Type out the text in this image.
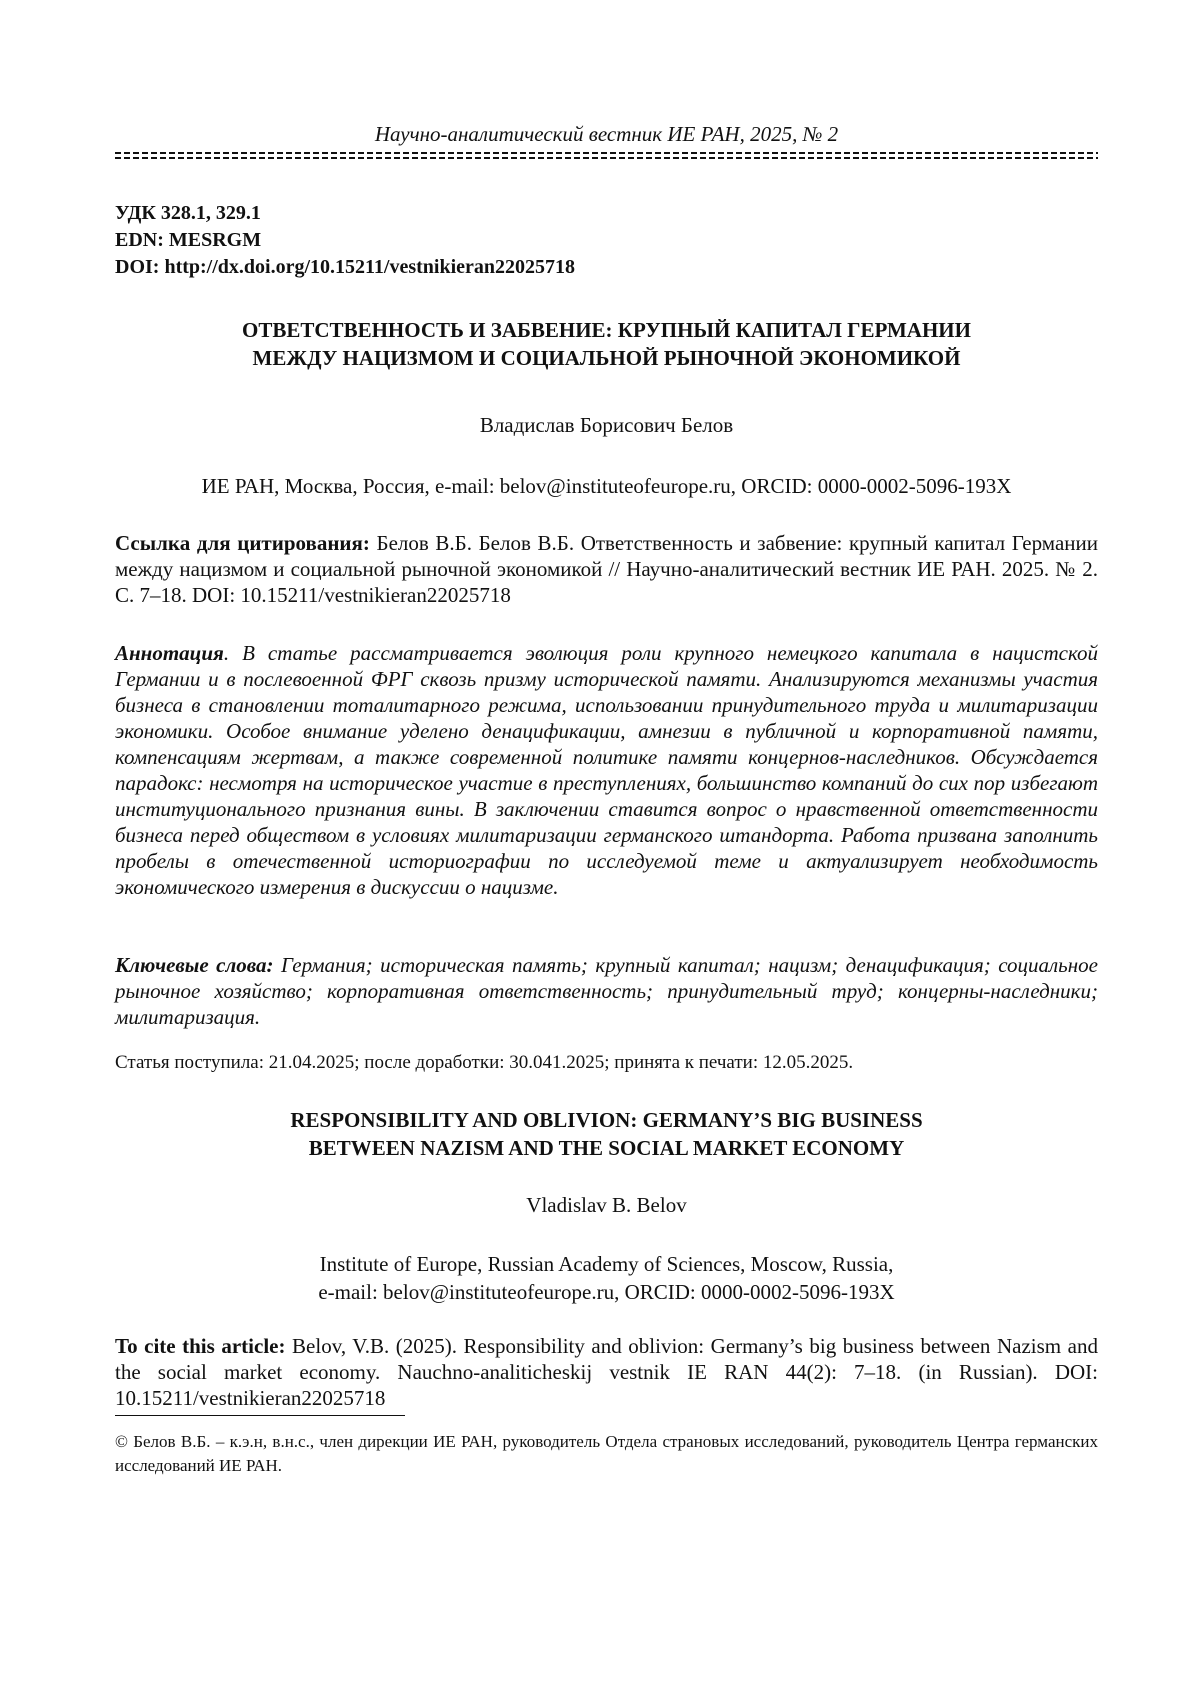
Научно-аналитический вестник ИЕ РАН, 2025, № 2
УДК 328.1, 329.1
EDN: MESRGM
DOI: http://dx.doi.org/10.15211/vestnikieran22025718
ОТВЕТСТВЕННОСТЬ И ЗАБВЕНИЕ: КРУПНЫЙ КАПИТАЛ ГЕРМАНИИ
МЕЖДУ НАЦИЗМОМ И СОЦИАЛЬНОЙ РЫНОЧНОЙ ЭКОНОМИКОЙ
Владислав Борисович Белов
ИЕ РАН, Москва, Россия, e-mail: belov@instituteofeurope.ru, ORCID: 0000-0002-5096-193X
Ссылка для цитирования: Белов В.Б. Белов В.Б. Ответственность и забвение: крупный капитал Германии между нацизмом и социальной рыночной экономикой // Научно-аналитический вестник ИЕ РАН. 2025. № 2. С. 7–18. DOI: 10.15211/vestnikieran22025718
Аннотация. В статье рассматривается эволюция роли крупного немецкого капитала в нацистской Германии и в послевоенной ФРГ сквозь призму исторической памяти. Анализируются механизмы участия бизнеса в становлении тоталитарного режима, использовании принудительного труда и милитаризации экономики. Особое внимание уделено денацификации, амнезии в публичной и корпоративной памяти, компенсациям жертвам, а также современной политике памяти концернов-наследников. Обсуждается парадокс: несмотря на историческое участие в преступлениях, большинство компаний до сих пор избегают институционального признания вины. В заключении ставится вопрос о нравственной ответственности бизнеса перед обществом в условиях милитаризации германского штандорта. Работа призвана заполнить пробелы в отечественной историографии по исследуемой теме и актуализирует необходимость экономического измерения в дискуссии о нацизме.
Ключевые слова: Германия; историческая память; крупный капитал; нацизм; денацификация; социальное рыночное хозяйство; корпоративная ответственность; принудительный труд; концерны-наследники; милитаризация.
Статья поступила: 21.04.2025; после доработки: 30.041.2025; принята к печати: 12.05.2025.
RESPONSIBILITY AND OBLIVION: GERMANY’S BIG BUSINESS
BETWEEN NAZISM AND THE SOCIAL MARKET ECONOMY
Vladislav B. Belov
Institute of Europe, Russian Academy of Sciences, Moscow, Russia,
e-mail: belov@instituteofeurope.ru, ORCID: 0000-0002-5096-193X
To cite this article: Belov, V.B. (2025). Responsibility and oblivion: Germany’s big business between Nazism and the social market economy. Nauchno-analiticheskij vestnik IE RAN 44(2): 7–18. (in Russian). DOI: 10.15211/vestnikieran22025718
© Белов В.Б. – к.э.н, в.н.с., член дирекции ИЕ РАН, руководитель Отдела страновых исследований, руководитель Центра германских исследований ИЕ РАН.
